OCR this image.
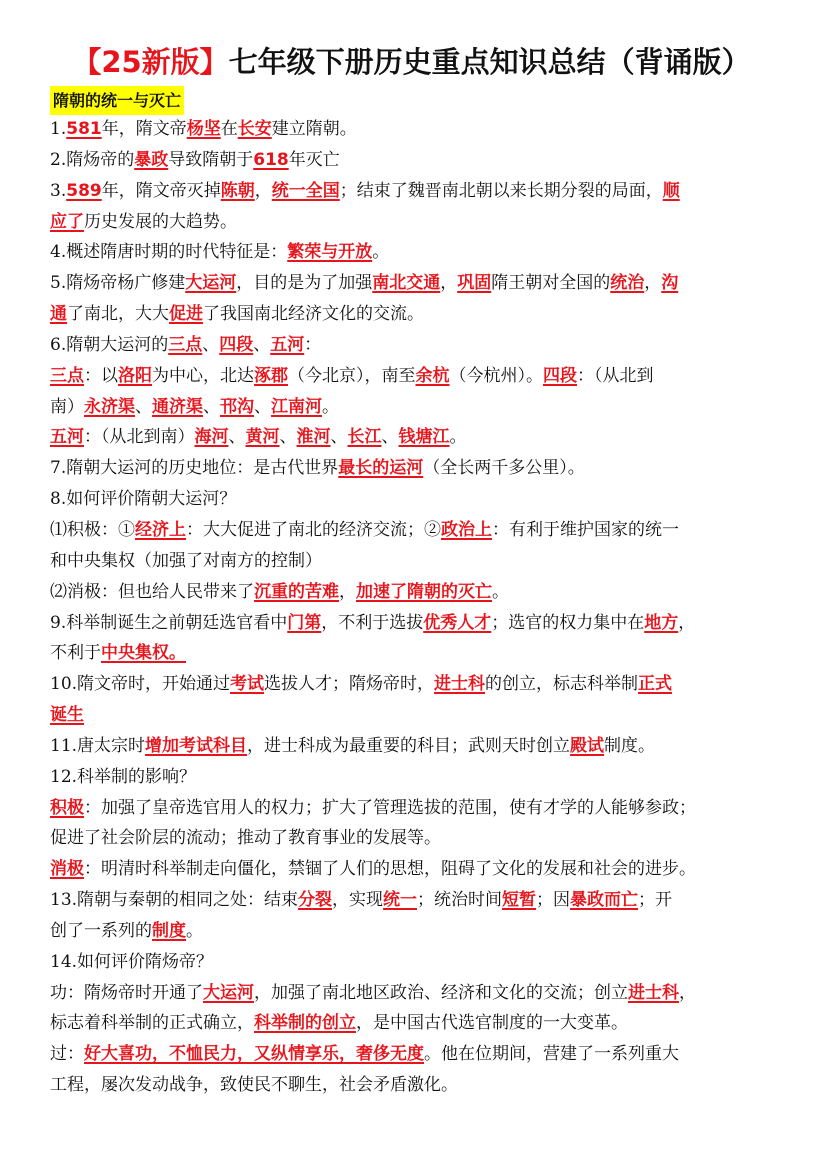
【25新版】七年级下册历史重点知识总结（背诵版）
隋朝的统一与灭亡
1.581年，隋文帝杨坚在长安建立隋朝。
2.隋炀帝的暴政导致隋朝于618年灭亡
3.589年，隋文帝灭掉陈朝，统一全国；结束了魏晋南北朝以来长期分裂的局面，顺
应了历史发展的大趋势。
4.概述隋唐时期的时代特征是：繁荣与开放。
5.隋炀帝杨广修建大运河，目的是为了加强南北交通，巩固隋王朝对全国的统治，沟
通了南北，大大促进了我国南北经济文化的交流。
6.隋朝大运河的三点、四段、五河：
三点：以洛阳为中心，北达涿郡（今北京），南至余杭（今杭州）。四段：（从北到
南）永济渠、通济渠、邗沟、江南河。
五河：（从北到南）海河、黄河、淮河、长江、钱塘江。
7.隋朝大运河的历史地位：是古代世界最长的运河（全长两千多公里）。
8.如何评价隋朝大运河？
⑴积极：①经济上：大大促进了南北的经济交流；②政治上：有利于维护国家的统一
和中央集权（加强了对南方的控制）
⑵消极：但也给人民带来了沉重的苦难，加速了隋朝的灭亡。
9.科举制诞生之前朝廷选官看中门第，不利于选拔优秀人才；选官的权力集中在地方，
不利于中央集权。
10.隋文帝时，开始通过考试选拔人才；隋炀帝时，进士科的创立，标志科举制正式
诞生
11.唐太宗时增加考试科目，进士科成为最重要的科目；武则天时创立殿试制度。
12.科举制的影响？
积极：加强了皇帝选官用人的权力；扩大了管理选拔的范围，使有才学的人能够参政；
促进了社会阶层的流动；推动了教育事业的发展等。
消极：明清时科举制走向僵化，禁锢了人们的思想，阻碍了文化的发展和社会的进步。
13.隋朝与秦朝的相同之处：结束分裂，实现统一；统治时间短暂；因暴政而亡；开
创了一系列的制度。
14.如何评价隋炀帝？
功：隋炀帝时开通了大运河，加强了南北地区政治、经济和文化的交流；创立进士科，
标志着科举制的正式确立，科举制的创立，是中国古代选官制度的一大变革。
过：好大喜功，不恤民力，又纵情享乐，奢侈无度。他在位期间，营建了一系列重大
工程，屡次发动战争，致使民不聊生，社会矛盾激化。
